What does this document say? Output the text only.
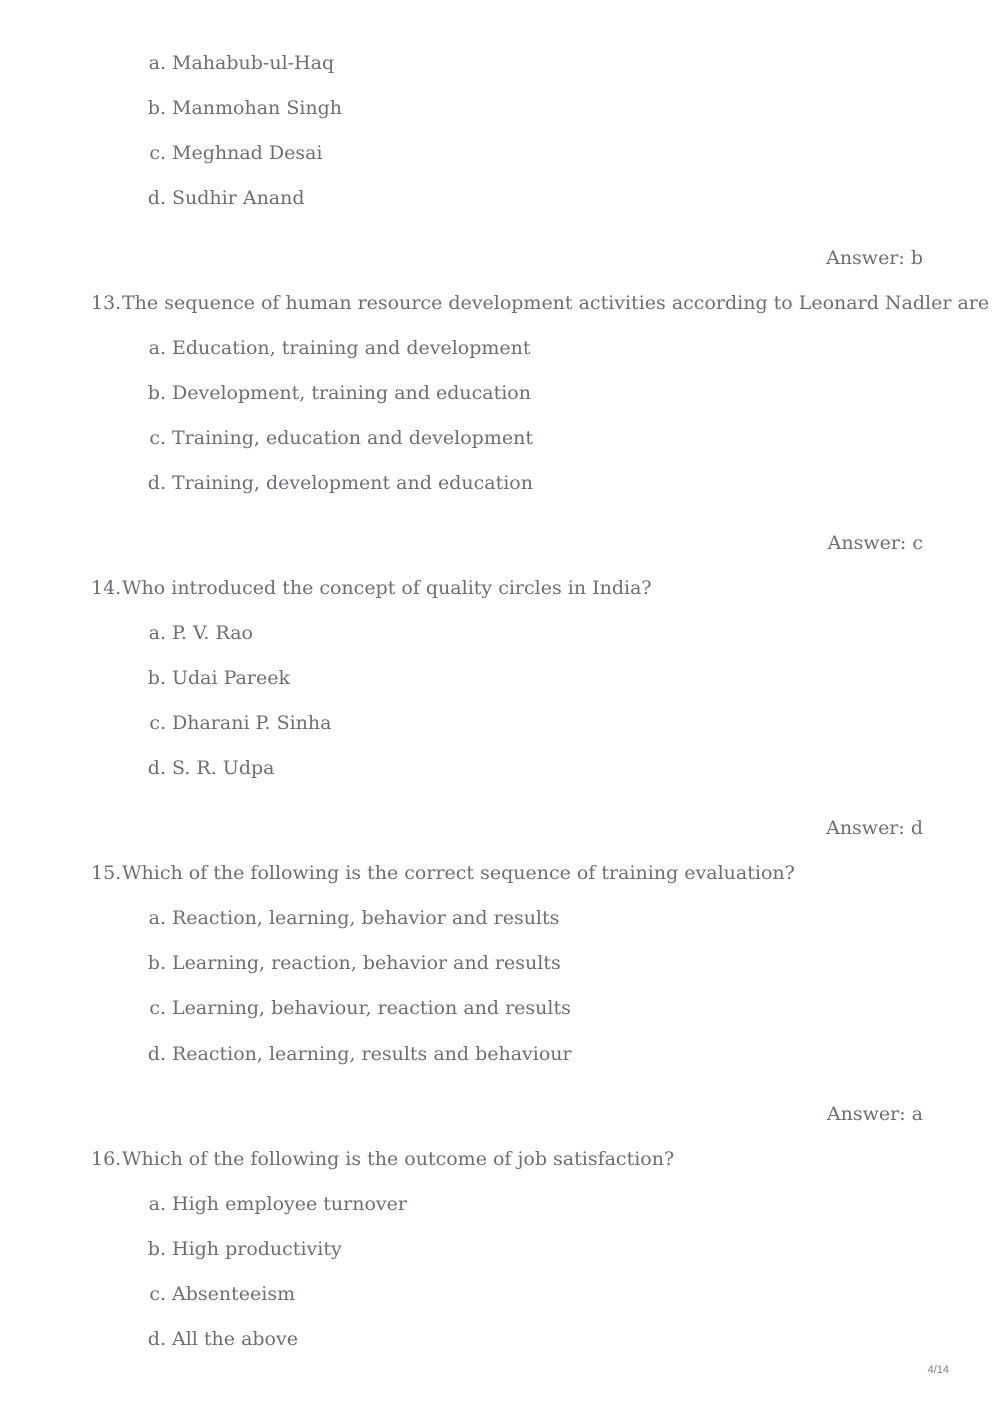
a. Mahabub-ul-Haq
b. Manmohan Singh
c. Meghnad Desai
d. Sudhir Anand
Answer: b
13. The sequence of human resource development activities according to Leonard Nadler are
a. Education, training and development
b. Development, training and education
c. Training, education and development
d. Training, development and education
Answer: c
14. Who introduced the concept of quality circles in India?
a. P. V. Rao
b. Udai Pareek
c. Dharani P. Sinha
d. S. R. Udpa
Answer: d
15. Which of the following is the correct sequence of training evaluation?
a. Reaction, learning, behavior and results
b. Learning, reaction, behavior and results
c. Learning, behaviour, reaction and results
d. Reaction, learning, results and behaviour
Answer: a
16. Which of the following is the outcome of job satisfaction?
a. High employee turnover
b. High productivity
c. Absenteeism
d. All the above
4/14
